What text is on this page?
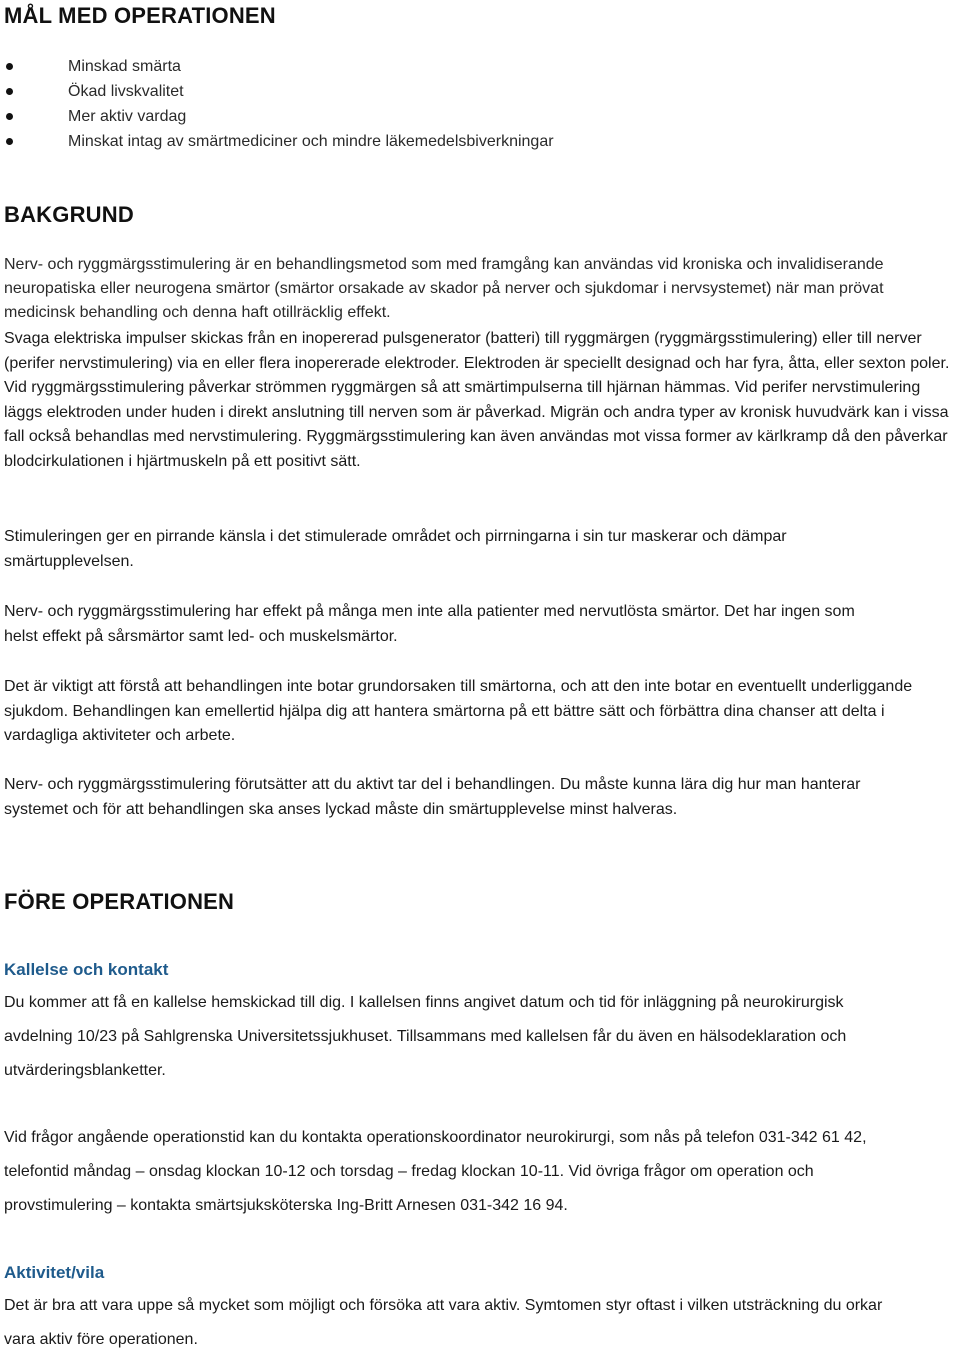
MÅL MED OPERATIONEN
Minskad smärta
Ökad livskvalitet
Mer aktiv vardag
Minskat intag av smärtmediciner och mindre läkemedelsbiverkningar
BAKGRUND

Nerv- och ryggmärgsstimulering är en behandlingsmetod som med framgång kan användas vid kroniska och invalidiserande neuropatiska eller neurogena smärtor (smärtor orsakade av skador på nerver och sjukdomar i nervsystemet) när man prövat medicinsk behandling och denna haft otillräcklig effekt.

Svaga elektriska impulser skickas från en inopererad pulsgenerator (batteri) till ryggmärgen (ryggmärgsstimulering) eller till nerver (perifer nervstimulering) via en eller flera inopererade elektroder. Elektroden är speciellt designad och har fyra, åtta, eller sexton poler. Vid ryggmärgsstimulering påverkar strömmen ryggmärgen så att smärtimpulserna till hjärnan hämmas. Vid perifer nervstimulering läggs elektroden under huden i direkt anslutning till nerven som är påverkad. Migrän och andra typer av kronisk huvudvärk kan i vissa fall också behandlas med nervstimulering. Ryggmärgsstimulering kan även användas mot vissa former av kärlkramp då den påverkar blodcirkulationen i hjärtmuskeln på ett positivt sätt.

Stimuleringen ger en pirrande känsla i det stimulerade området och pirrningarna i sin tur maskerar och dämpar smärtupplevelsen.

Nerv- och ryggmärgsstimulering har effekt på många men inte alla patienter med nervutlösta smärtor. Det har ingen som helst effekt på sårsmärtor samt led- och muskelsmärtor.

Det är viktigt att förstå att behandlingen inte botar grundorsaken till smärtorna, och att den inte botar en eventuellt underliggande sjukdom. Behandlingen kan emellertid hjälpa dig att hantera smärtorna på ett bättre sätt och förbättra dina chanser att delta i vardagliga aktiviteter och arbete.

Nerv- och ryggmärgsstimulering förutsätter att du aktivt tar del i behandlingen. Du måste kunna lära dig hur man hanterar systemet och för att behandlingen ska anses lyckad måste din smärtupplevelse minst halveras.

FÖRE OPERATIONEN
Kallelse och kontakt

Du kommer att få en kallelse hemskickad till dig. I kallelsen finns angivet datum och tid för inläggning på neurokirurgisk avdelning 10/23 på Sahlgrenska Universitetssjukhuset. Tillsammans med kallelsen får du även en hälsodeklaration och utvärderingsblanketter.

Vid frågor angående operationstid kan du kontakta operationskoordinator neurokirurgi, som nås på telefon 031-342 61 42, telefontid måndag – onsdag klockan 10-12 och torsdag – fredag klockan 10-11. Vid övriga frågor om operation och provstimulering – kontakta smärtsjuksköterska Ing-Britt Arnesen 031-342 16 94.

Aktivitet/vila

Det är bra att vara uppe så mycket som möjligt och försöka att vara aktiv. Symtomen styr oftast i vilken utsträckning du orkar vara aktiv före operationen.
